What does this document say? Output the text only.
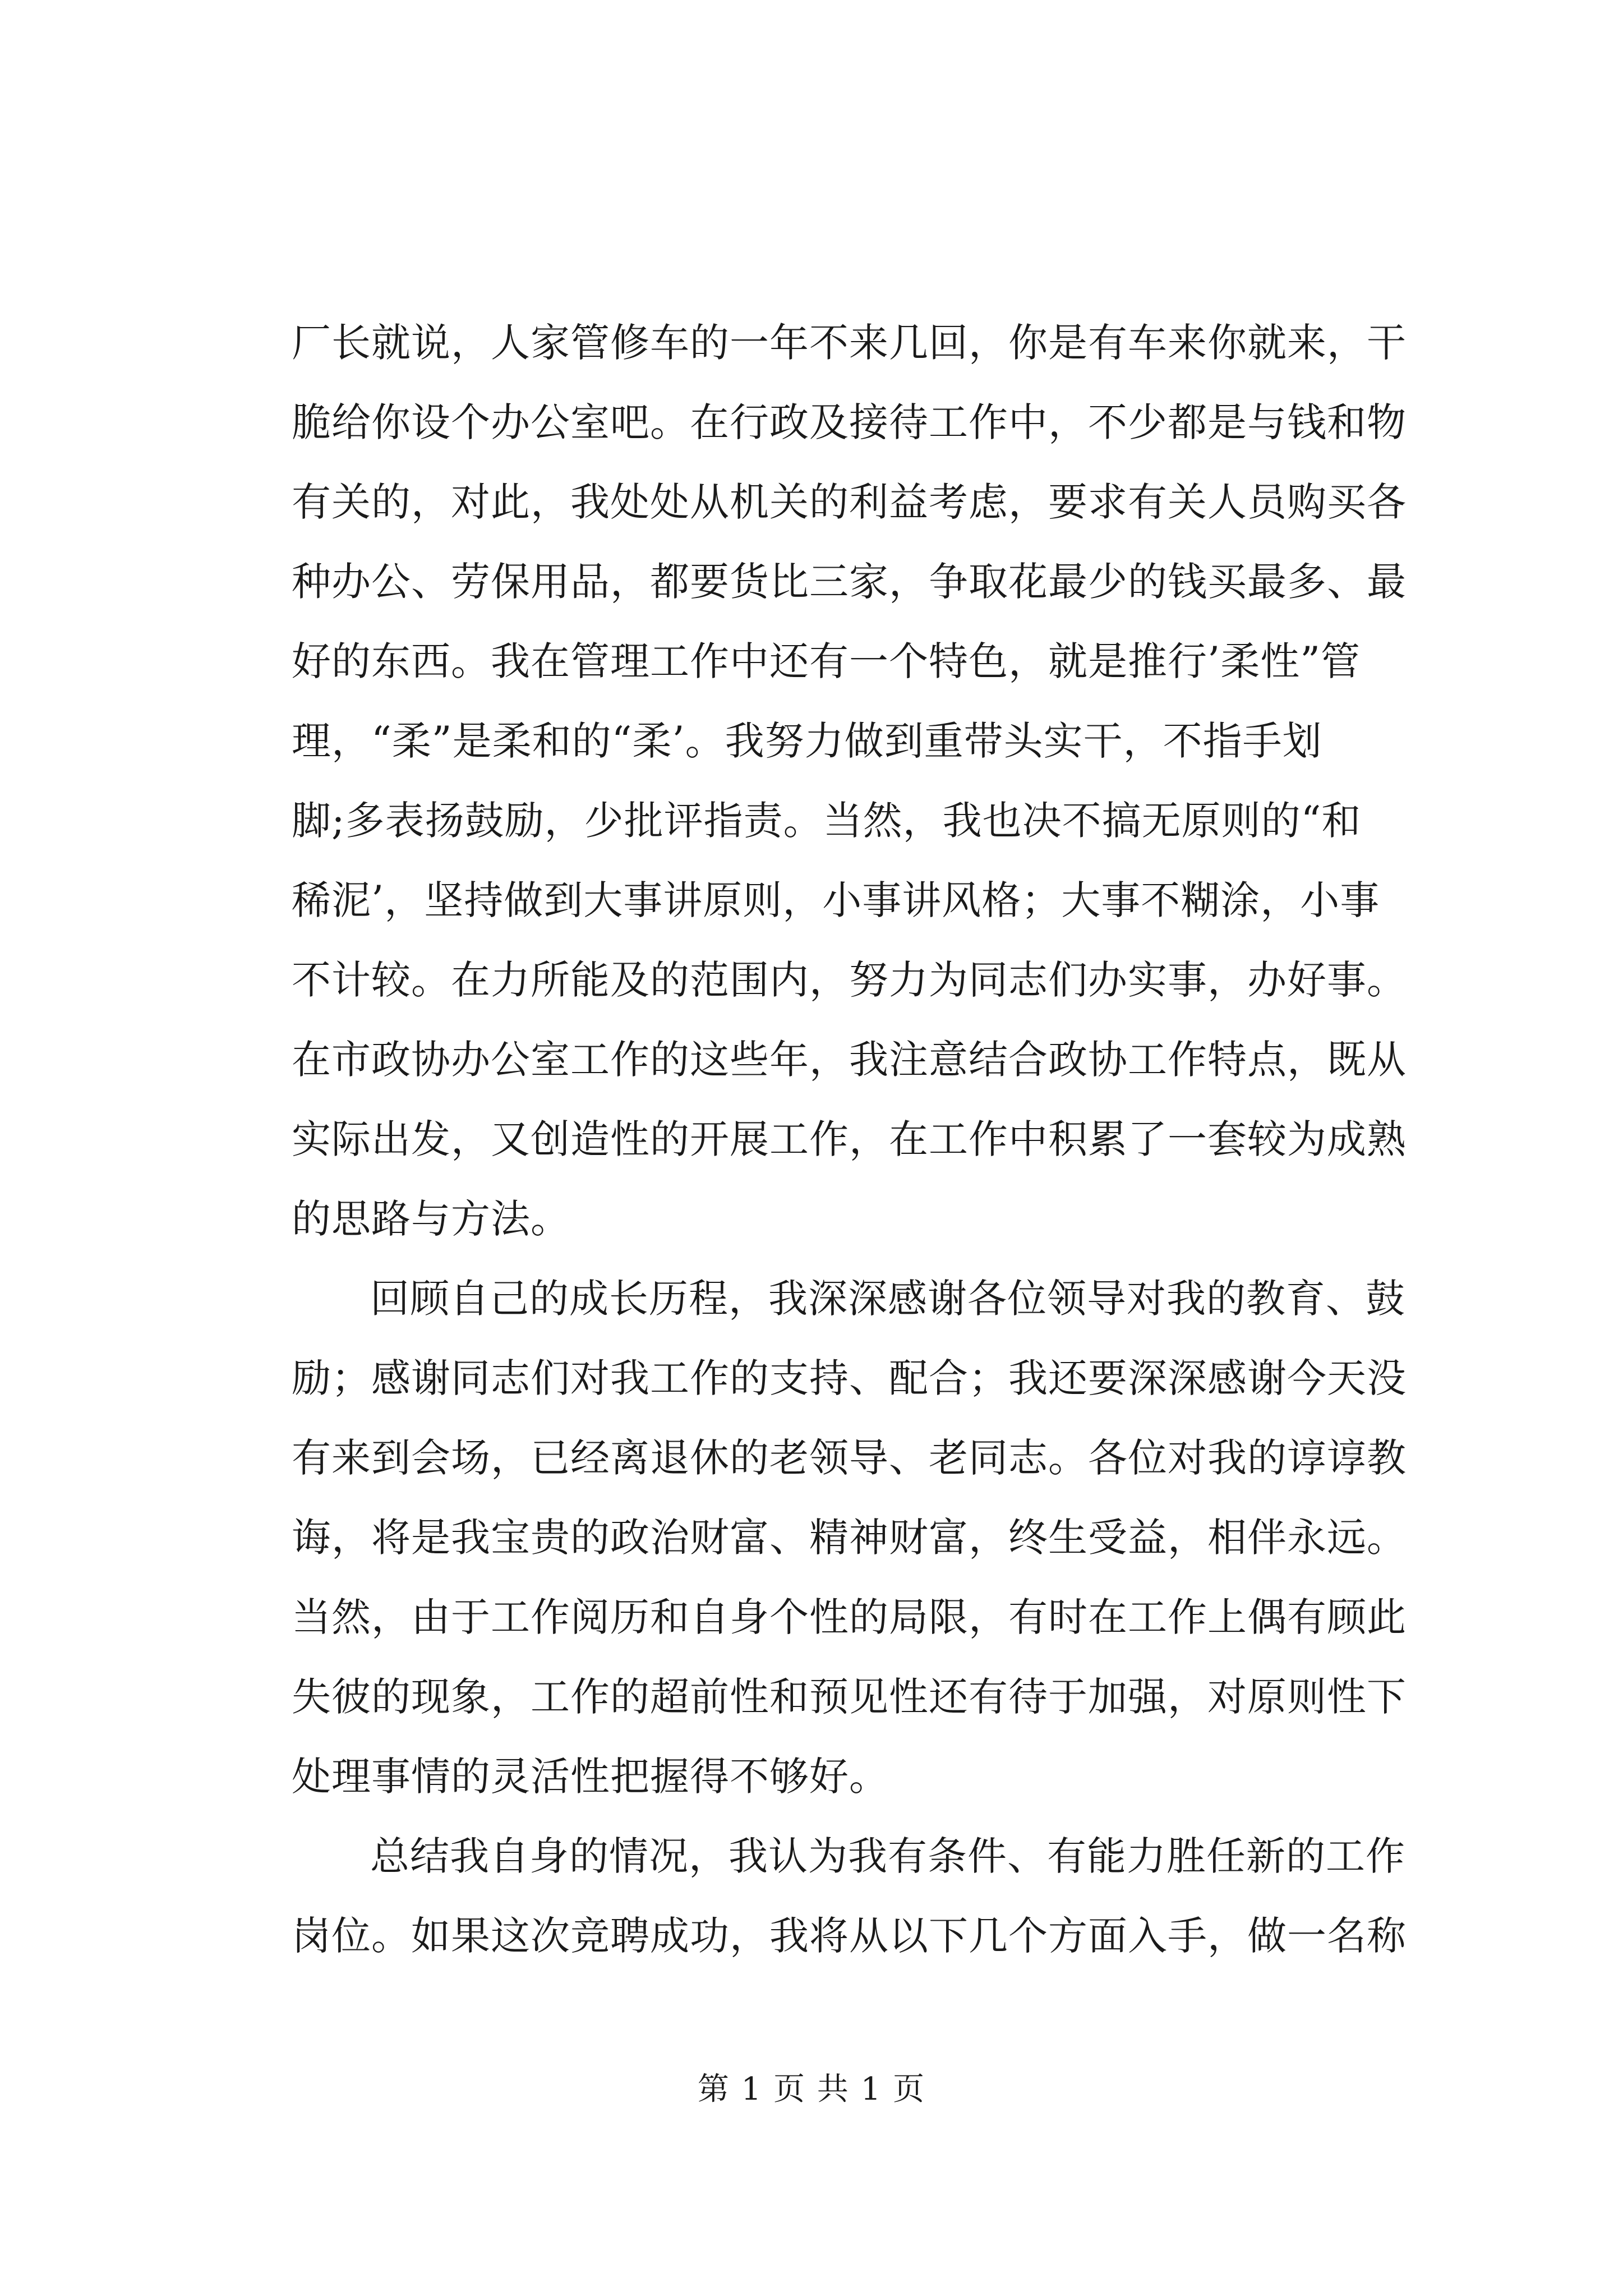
厂长就说，人家管修车的一年不来几回，你是有车来你就来，干
脆给你设个办公室吧。在行政及接待工作中，不少都是与钱和物
有关的，对此，我处处从机关的利益考虑，要求有关人员购买各
种办公、劳保用品，都要货比三家，争取花最少的钱买最多、最
好的东西。我在管理工作中还有一个特色，就是推行’柔性”管
理，“柔”是柔和的“柔’。我努力做到重带头实干，不指手划
脚;多表扬鼓励，少批评指责。当然，我也决不搞无原则的“和
稀泥’，坚持做到大事讲原则，小事讲风格；大事不糊涂，小事
不计较。在力所能及的范围内，努力为同志们办实事，办好事。
在市政协办公室工作的这些年，我注意结合政协工作特点，既从
实际出发，又创造性的开展工作，在工作中积累了一套较为成熟
的思路与方法。
回顾自己的成长历程，我深深感谢各位领导对我的教育、鼓
励；感谢同志们对我工作的支持、配合；我还要深深感谢今天没
有来到会场，已经离退休的老领导、老同志。各位对我的谆谆教
诲，将是我宝贵的政治财富、精神财富，终生受益，相伴永远。
当然，由于工作阅历和自身个性的局限，有时在工作上偶有顾此
失彼的现象，工作的超前性和预见性还有待于加强，对原则性下
处理事情的灵活性把握得不够好。
总结我自身的情况，我认为我有条件、有能力胜任新的工作
岗位。如果这次竞聘成功，我将从以下几个方面入手，做一名称
第 1 页 共 1 页
